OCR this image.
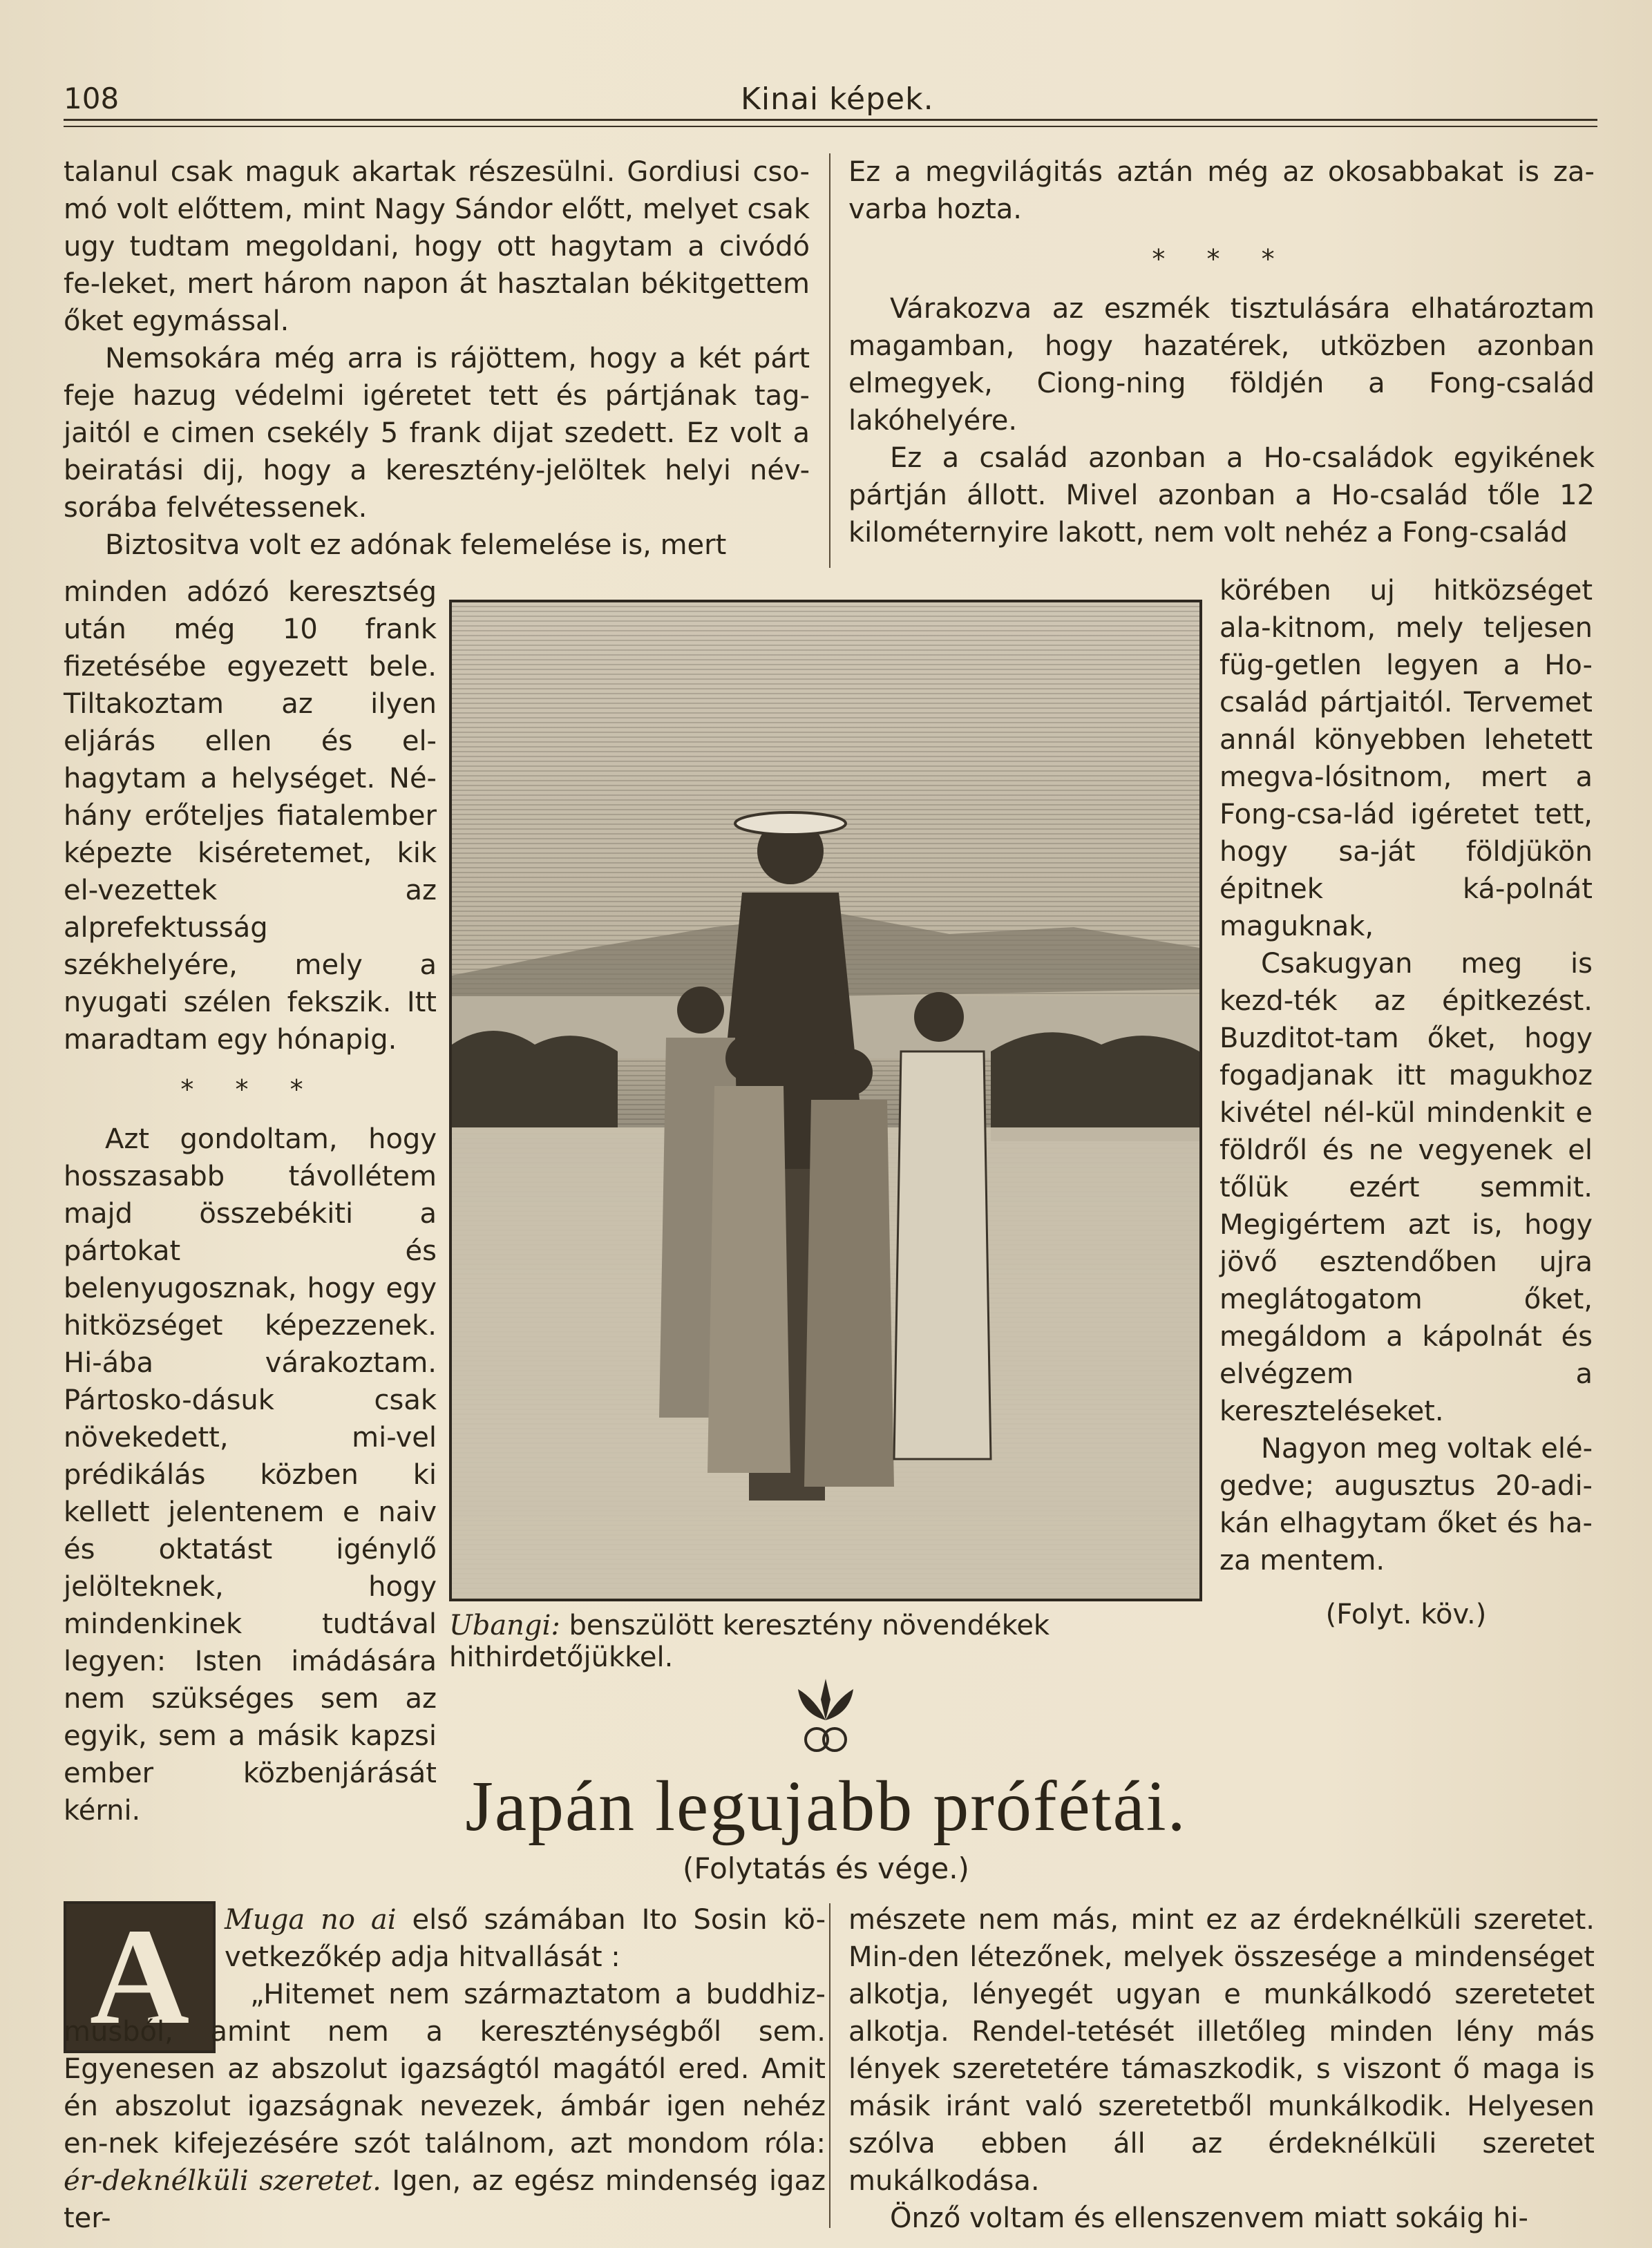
108	Kinai képek.

talanul csak maguk akartak részesülni. Gordiusi cso-mó volt előttem, mint Nagy Sándor előtt, melyet csak ugy tudtam megoldani, hogy ott hagytam a civódó fe-leket, mert három napon át hasztalan békitgettem őket egymással.

Nemsokára még arra is rájöttem, hogy a két párt feje hazug védelmi igéretet tett és pártjának tag-jaitól e cimen csekély 5 frank dijat szedett. Ez volt a beiratási dij, hogy a keresztény-jelöltek helyi név-sorába felvétessenek.

Biztositva volt ez adónak felemelése is, mert

minden adózó keresztség után még 10 frank fizetésébe egyezett bele. Tiltakoztam az ilyen eljárás ellen és el-hagytam a helységet. Né-hány erőteljes fiatalember képezte kiséretemet, kik el-vezettek az alprefektusság székhelyére, mely a nyugati szélen fekszik. Itt maradtam egy hónapig.

* * *

Azt gondoltam, hogy hosszasabb távollétem majd összebékiti a pártokat és belenyugosznak, hogy egy hitközséget képezzenek. Hi-ába várakoztam. Pártosko-dásuk csak növekedett, mi-vel prédikálás közben ki kellett jelentenem e naiv és oktatást igénylő jelölteknek, hogy mindenkinek tudtával legyen: Isten imádására nem szükséges sem az egyik, sem a másik kapzsi ember közbenjárását kérni.

Ez a megvilágitás aztán még az okosabbakat is za-varba hozta.

* * *

Várakozva az eszmék tisztulására elhatároztam magamban, hogy hazatérek, utközben azonban elmegyek, Ciong-ning földjén a Fong-család lakóhelyére.

Ez a család azonban a Ho-családok egyikének pártján állott. Mivel azonban a Ho-család tőle 12 kilométernyire lakott, nem volt nehéz a Fong-család

körében uj hitközséget ala-kitnom, mely teljesen füg-getlen legyen a Ho-család pártjaitól. Tervemet annál könyebben lehetett megva-lósitnom, mert a Fong-csa-lád igéretet tett, hogy sa-ját földjükön épitnek ká-polnát maguknak,

Csakugyan meg is kezd-ték az épitkezést. Buzditot-tam őket, hogy fogadjanak itt magukhoz kivétel nél-kül mindenkit e földről és ne vegyenek el tőlük ezért semmit. Megigértem azt is, hogy jövő esztendőben ujra meglátogatom őket, megáldom a kápolnát és elvégzem a kereszteléseket.

Nagyon meg voltak elé-gedve; augusztus 20-adi-kán elhagytam őket és ha-za mentem.

(Folyt. köv.)

Ubangi: benszülött keresztény növendékek hithirdetőjükkel.
Japán legujabb prófétái.
(Folytatás és vége.)
A Muga no ai első számában Ito Sosin kö-vetkezőkép adja hitvallását :

„Hitemet nem származtatom a buddhiz-musból, amint nem a kereszténységből sem. Egyenesen az abszolut igazságtól magától ered. Amit én abszolut igazságnak nevezek, ámbár igen nehéz en-nek kifejezésére szót találnom, azt mondom róla: ér-deknélküli szeretet. Igen, az egész mindenség igaz ter-

mészete nem más, mint ez az érdeknélküli szeretet. Min-den létezőnek, melyek összesége a mindenséget alkotja, lényegét ugyan e munkálkodó szeretetet alkotja. Rendel-tetését illetőleg minden lény más lények szeretetére támaszkodik, s viszont ő maga is másik iránt való szeretetből munkálkodik. Helyesen szólva ebben áll az érdeknélküli szeretet mukálkodása.

Önző voltam és ellenszenvem miatt sokáig hi-
